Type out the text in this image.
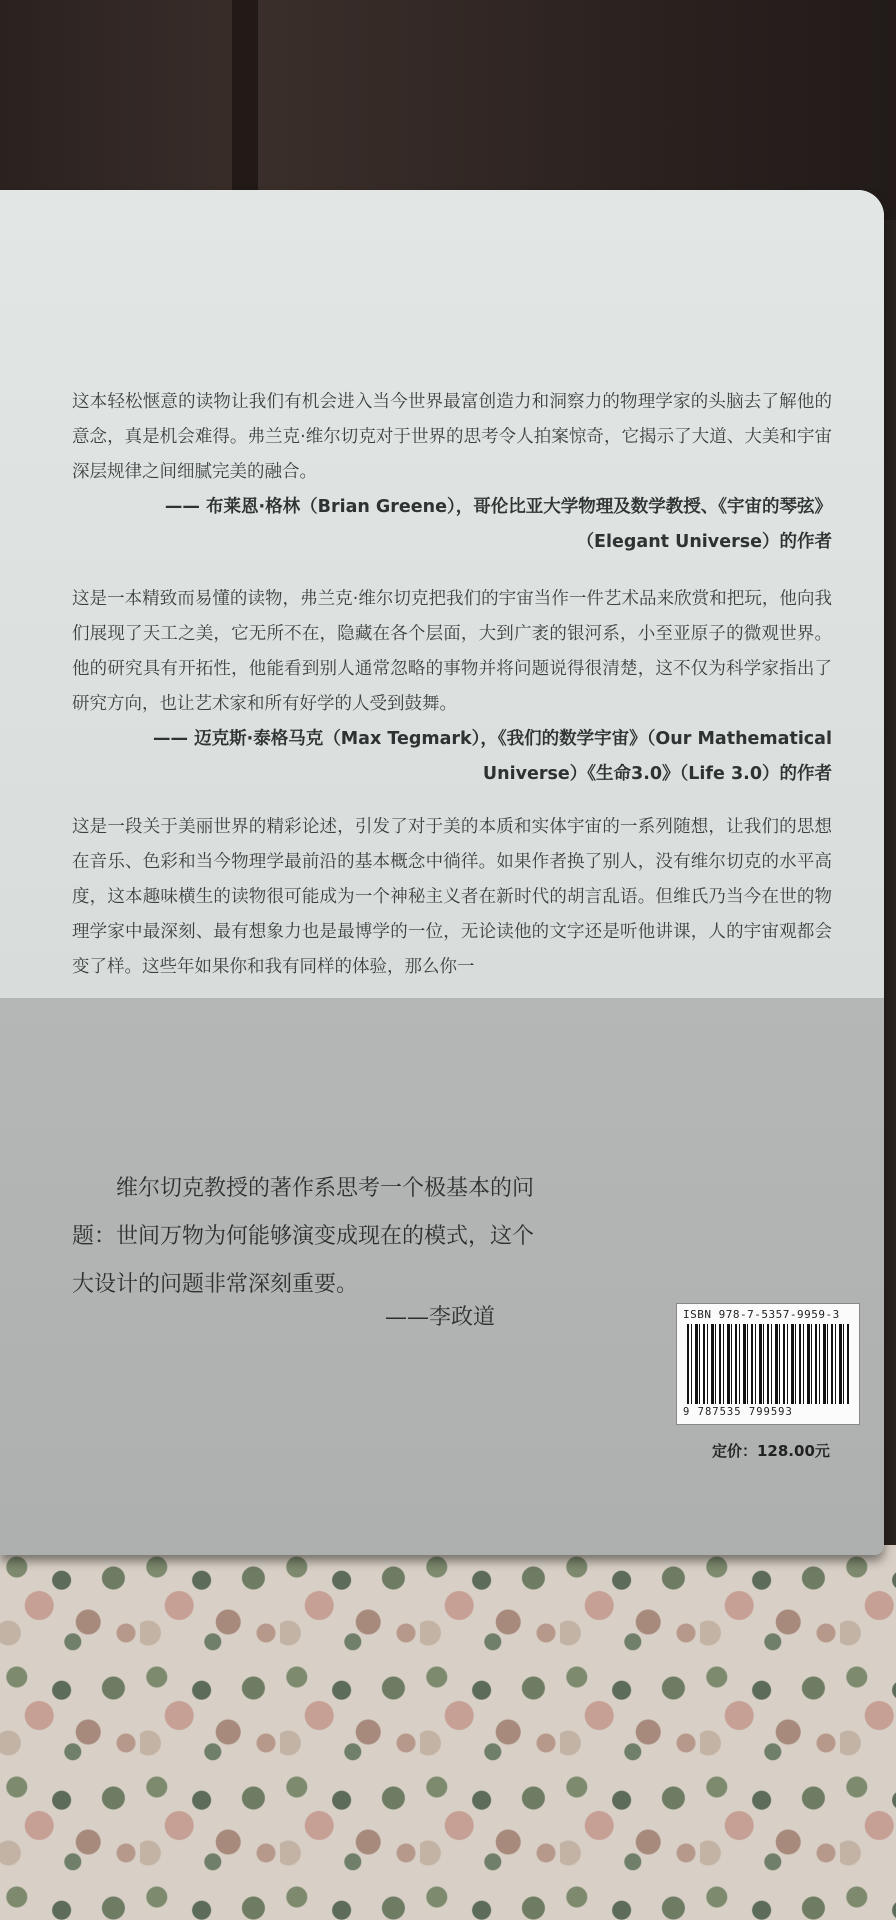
这本轻松惬意的读物让我们有机会进入当今世界最富创造力和洞察力的物理学家的头脑去了解他的意念，真是机会难得。弗兰克·维尔切克对于世界的思考令人拍案惊奇，它揭示了大道、大美和宇宙深层规律之间细腻完美的融合。

—— 布莱恩·格林（Brian Greene），哥伦比亚大学物理及数学教授、《宇宙的琴弦》
（Elegant Universe）的作者

这是一本精致而易懂的读物，弗兰克·维尔切克把我们的宇宙当作一件艺术品来欣赏和把玩，他向我们展现了天工之美，它无所不在，隐藏在各个层面，大到广袤的银河系，小至亚原子的微观世界。他的研究具有开拓性，他能看到别人通常忽略的事物并将问题说得很清楚，这不仅为科学家指出了研究方向，也让艺术家和所有好学的人受到鼓舞。

—— 迈克斯·泰格马克（Max Tegmark），《我们的数学宇宙》（Our Mathematical
Universe）《生命3.0》（Life 3.0）的作者

这是一段关于美丽世界的精彩论述，引发了对于美的本质和实体宇宙的一系列随想，让我们的思想在音乐、色彩和当今物理学最前沿的基本概念中徜徉。如果作者换了别人，没有维尔切克的水平高度，这本趣味横生的读物很可能成为一个神秘主义者在新时代的胡言乱语。但维氏乃当今在世的物理学家中最深刻、最有想象力也是最博学的一位，无论读他的文字还是听他讲课，人的宇宙观都会变了样。这些年如果你和我有同样的体验，那么你一

　　维尔切克教授的著作系思考一个极基本的问题：世间万物为何能够演变成现在的模式，这个大设计的问题非常深刻重要。

——李政道	ISBN 978-7-5357-9959-3
9 787535 799593
定价：128.00元
